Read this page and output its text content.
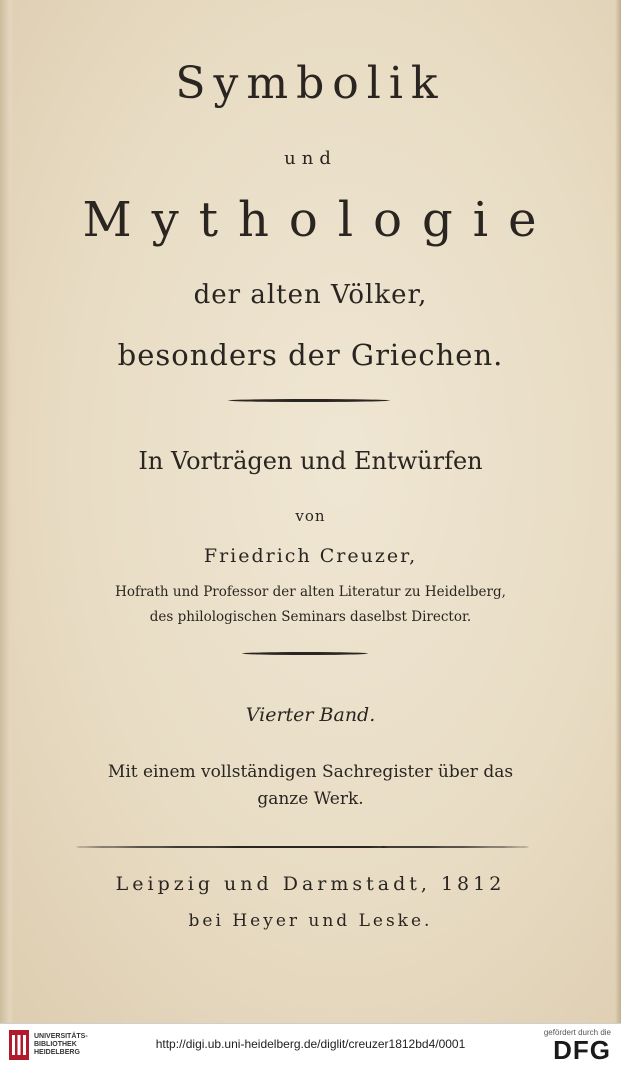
Symbolik
und
Mythologie
der alten Völker,
besonders der Griechen.
In Vorträgen und Entwürfen
von
Friedrich Creuzer,
Hofrath und Professor der alten Literatur zu Heidelberg,
des philologischen Seminars daselbst Director.
Vierter Band.
Mit einem vollständigen Sachregister über das
ganze Werk.
Leipzig und Darmstadt, 1812
bei Heyer und Leske.
UNIVERSITÄTS-
BIBLIOTHEK
HEIDELBERG
http://digi.ub.uni-heidelberg.de/diglit/creuzer1812bd4/0001
gefördert durch die
DFG
